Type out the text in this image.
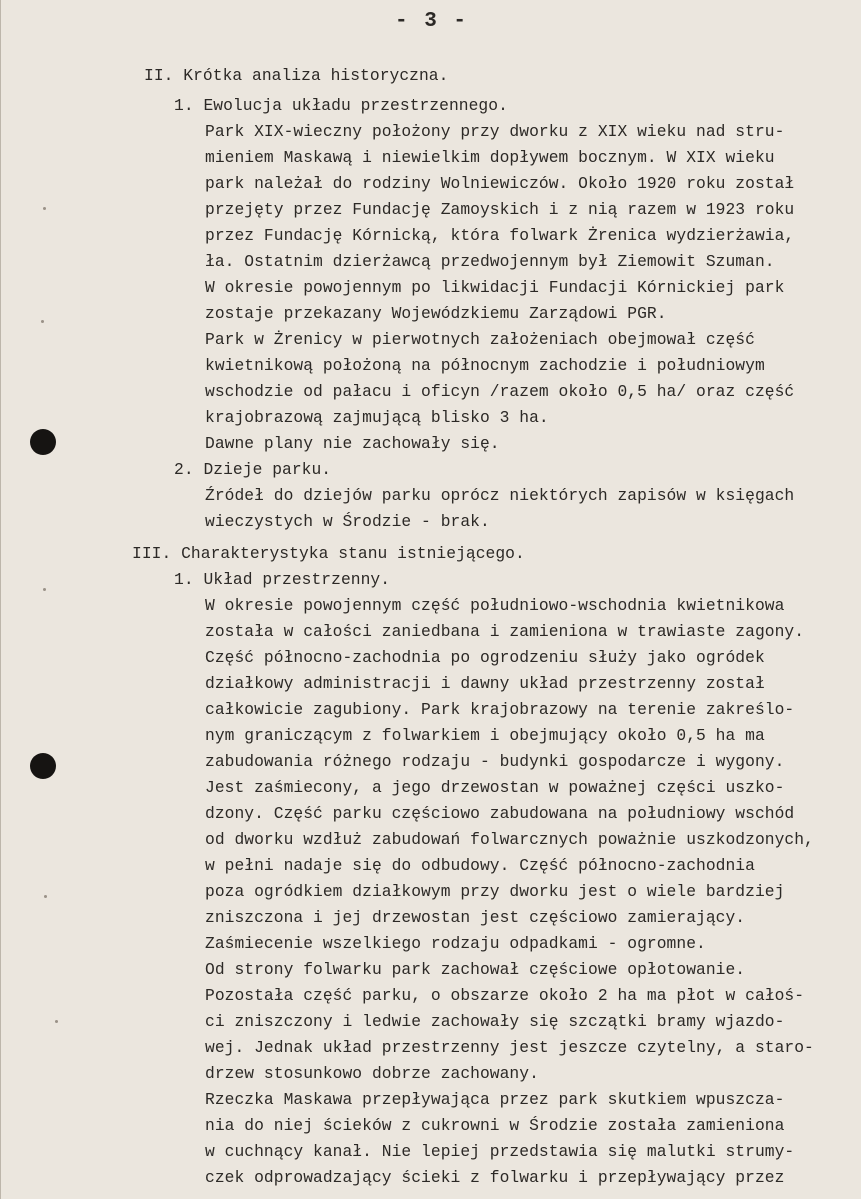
- 3 -
II. Krótka analiza historyczna.
1. Ewolucja układu przestrzennego.
Park XIX-wieczny położony przy dworku z XIX wieku nad stru-
mieniem Maskawą i niewielkim dopływem bocznym. W XIX wieku
park należał do rodziny Wolniewiczów. Około 1920 roku został
przejęty przez Fundację Zamoyskich i z nią razem w 1923 roku
przez Fundację Kórnicką, która folwark Żrenica wydzierżawia,
ła. Ostatnim dzierżawcą przedwojennym był Ziemowit Szuman.
W okresie powojennym po likwidacji Fundacji Kórnickiej park
zostaje przekazany Wojewódzkiemu Zarządowi PGR.
Park w Żrenicy w pierwotnych założeniach obejmował część
kwietnikową położoną na północnym zachodzie i południowym
wschodzie od pałacu i oficyn /razem około 0,5 ha/ oraz część
krajobrazową zajmującą blisko 3 ha.
Dawne plany nie zachowały się.
2. Dzieje parku.
Źródeł do dziejów parku oprócz niektórych zapisów w księgach
wieczystych w Środzie - brak.
III. Charakterystyka stanu istniejącego.
1. Układ przestrzenny.
W okresie powojennym część południowo-wschodnia kwietnikowa
została w całości zaniedbana i zamieniona w trawiaste zagony.
Część północno-zachodnia po ogrodzeniu służy jako ogródek
działkowy administracji i dawny układ przestrzenny został
całkowicie zagubiony. Park krajobrazowy na terenie zakreślo-
nym graniczącym z folwarkiem i obejmujący około 0,5 ha ma
zabudowania różnego rodzaju - budynki gospodarcze i wygony.
Jest zaśmiecony, a jego drzewostan w poważnej części uszko-
dzony. Część parku częściowo zabudowana na południowy wschód
od dworku wzdłuż zabudowań folwarcznych poważnie uszkodzonych,
w pełni nadaje się do odbudowy. Część północno-zachodnia
poza ogródkiem działkowym przy dworku jest o wiele bardziej
zniszczona i jej drzewostan jest częściowo zamierający.
Zaśmiecenie wszelkiego rodzaju odpadkami - ogromne.
Od strony folwarku park zachował częściowe opłotowanie.
Pozostała część parku, o obszarze około 2 ha ma płot w całoś-
ci zniszczony i ledwie zachowały się szczątki bramy wjazdo-
wej. Jednak układ przestrzenny jest jeszcze czytelny, a staro-
drzew stosunkowo dobrze zachowany.
Rzeczka Maskawa przepływająca przez park skutkiem wpuszcza-
nia do niej ścieków z cukrowni w Środzie została zamieniona
w cuchnący kanał. Nie lepiej przedstawia się malutki strumy-
czek odprowadzający ścieki z folwarku i przepływający przez
